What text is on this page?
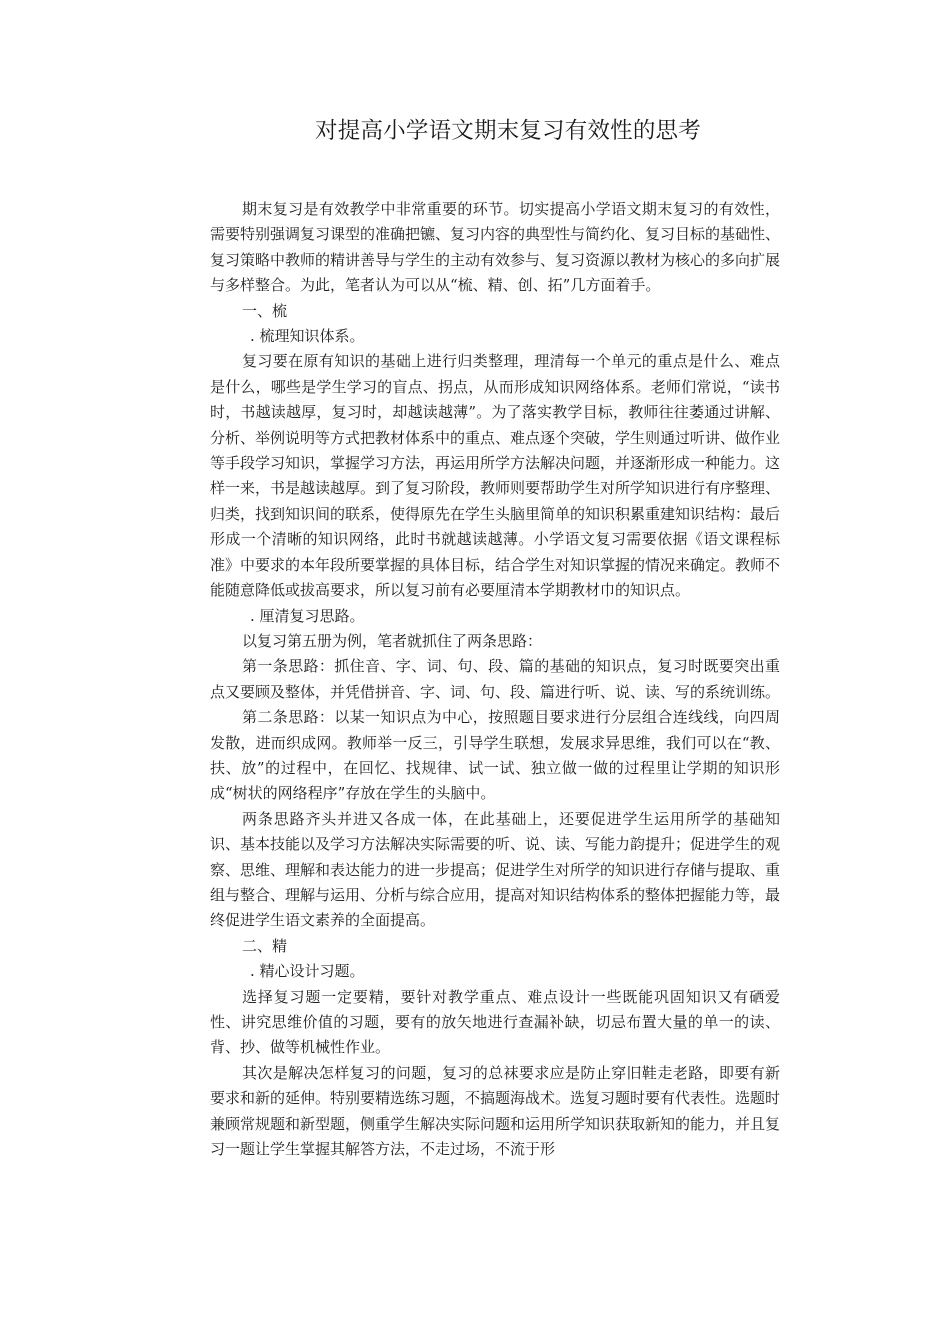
对提高小学语文期末复习有效性的思考

期末复习是有效教学中非常重要的环节。切实提高小学语文期末复习的有效性，需要特别强调复习课型的准确把镳、复习内容的典型性与简约化、复习目标的基础性、复习策略中教师的精讲善导与学生的主动有效参与、复习资源以教材为核心的多向扩展与多样整合。为此，笔者认为可以从“梳、精、创、拓”几方面着手。

一、梳

. 梳理知识体系。

复习要在原有知识的基础上进行归类整理，理清每一个单元的重点是什么、难点是什么，哪些是学生学习的盲点、拐点，从而形成知识网络体系。老师们常说，“读书时，书越读越厚，复习时，却越读越薄”。为了落实教学目标，教师往往萎通过讲解、分析、举例说明等方式把教材体系中的重点、难点逐个突破，学生则通过听讲、做作业等手段学习知识，掌握学习方法，再运用所学方法解决问题，并逐渐形成一种能力。这样一来，书是越读越厚。到了复习阶段，教师则要帮助学生对所学知识进行有序整理、归类，找到知识间的联系，使得原先在学生头脑里简单的知识积累重建知识结构：最后形成一个清晰的知识网络，此时书就越读越薄。小学语文复习需要依据《语文课程标准》中要求的本年段所要掌握的具体目标，结合学生对知识掌握的情况来确定。教师不能随意降低或拔高要求，所以复习前有必要厘清本学期教材巾的知识点。

. 厘清复习思路。

以复习第五册为例，笔者就抓住了两条思路：

第一条思路：抓住音、字、词、句、段、篇的基础的知识点，复习时既要突出重点又要顾及整体，并凭借拼音、字、词、句、段、篇进行听、说、读、写的系统训练。

第二条思路：以某一知识点为中心，按照题目要求进行分层组合连线线，向四周发散，进而织成网。教师举一反三，引导学生联想，发展求异思维，我们可以在“教、扶、放”的过程中，在回忆、找规律、试一试、独立做一做的过程里让学期的知识形成“树状的网络程序”存放在学生的头脑中。

两条思路齐头并进又各成一体，在此基础上，还要促进学生运用所学的基础知识、基本技能以及学习方法解决实际需要的听、说、读、写能力韵提升；促进学生的观察、思维、理解和表达能力的进一步提高；促进学生对所学的知识进行存储与提取、重组与整合、理解与运用、分析与综合应用，提高对知识结构体系的整体把握能力等，最终促进学生语文素养的全面提高。

二、精

. 精心设计习题。

选择复习题一定要精，要针对教学重点、难点设计一些既能巩固知识又有硒爱性、讲究思维价值的习题，要有的放矢地进行查漏补缺，切忌布置大量的单一的读、背、抄、做等机械性作业。

其次是解决怎样复习的问题，复习的总袜要求应是防止穿旧鞋走老路，即要有新要求和新的延伸。特别要精选练习题，不搞题海战术。选复习题时要有代表性。选题时兼顾常规题和新型题，侧重学生解决实际问题和运用所学知识获取新知的能力，并且复习一题让学生掌握其解答方法，不走过场，不流于形
